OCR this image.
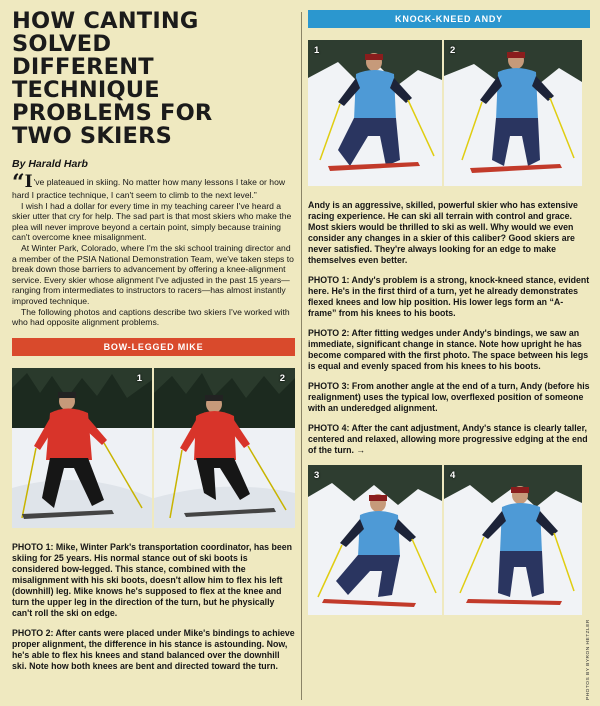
HOW CANTING SOLVED
DIFFERENT TECHNIQUE
PROBLEMS FOR
TWO SKIERS
By Harald Harb

“I've plateaued in skiing. No matter how many lessons I take or how hard I practice technique, I can't seem to climb to the next level.”

I wish I had a dollar for every time in my teaching career I've heard a skier utter that cry for help. The sad part is that most skiers who make the plea will never improve beyond a certain point, simply because training can't overcome knee misalignment.

At Winter Park, Colorado, where I'm the ski school training director and a member of the PSIA National Demonstration Team, we've taken steps to break down those barriers to advancement by offering a knee-alignment service. Every skier whose alignment I've adjusted in the past 15 years—ranging from intermediates to instructors to racers—has almost instantly improved technique.

The following photos and captions describe two skiers I've worked with who had opposite alignment problems.

BOW-LEGGED MIKE
1	2

PHOTO 1: Mike, Winter Park's transportation coordinator, has been skiing for 25 years. His normal stance out of ski boots is considered bow-legged. This stance, combined with the misalignment with his ski boots, doesn't allow him to flex his left (downhill) leg. Mike knows he's supposed to flex at the knee and turn the upper leg in the direction of the turn, but he physically can't roll the ski on edge.

PHOTO 2: After cants were placed under Mike's bindings to achieve proper alignment, the difference in his stance is astounding. Now, he's able to flex his knees and stand balanced over the downhill ski. Note how both knees are bent and directed toward the turn.

KNOCK-KNEED ANDY
1	2

Andy is an aggressive, skilled, powerful skier who has extensive racing experience. He can ski all terrain with control and grace. Most skiers would be thrilled to ski as well. Why would we even consider any changes in a skier of this caliber? Good skiers are never satisfied. They're always looking for an edge to make themselves even better.

PHOTO 1: Andy's problem is a strong, knock-kneed stance, evident here. He's in the first third of a turn, yet he already demonstrates flexed knees and low hip position. His lower legs form an “A-frame” from his knees to his boots.

PHOTO 2: After fitting wedges under Andy's bindings, we saw an immediate, significant change in stance. Note how upright he has become compared with the first photo. The space between his legs is equal and evenly spaced from his knees to his boots.

PHOTO 3: From another angle at the end of a turn, Andy (before his realignment) uses the typical low, overflexed position of someone with an underedged alignment.

PHOTO 4: After the cant adjustment, Andy's stance is clearly taller, centered and relaxed, allowing more progressive edging at the end of the turn. →

3	4
PHOTOS BY BYRON HETZLER
